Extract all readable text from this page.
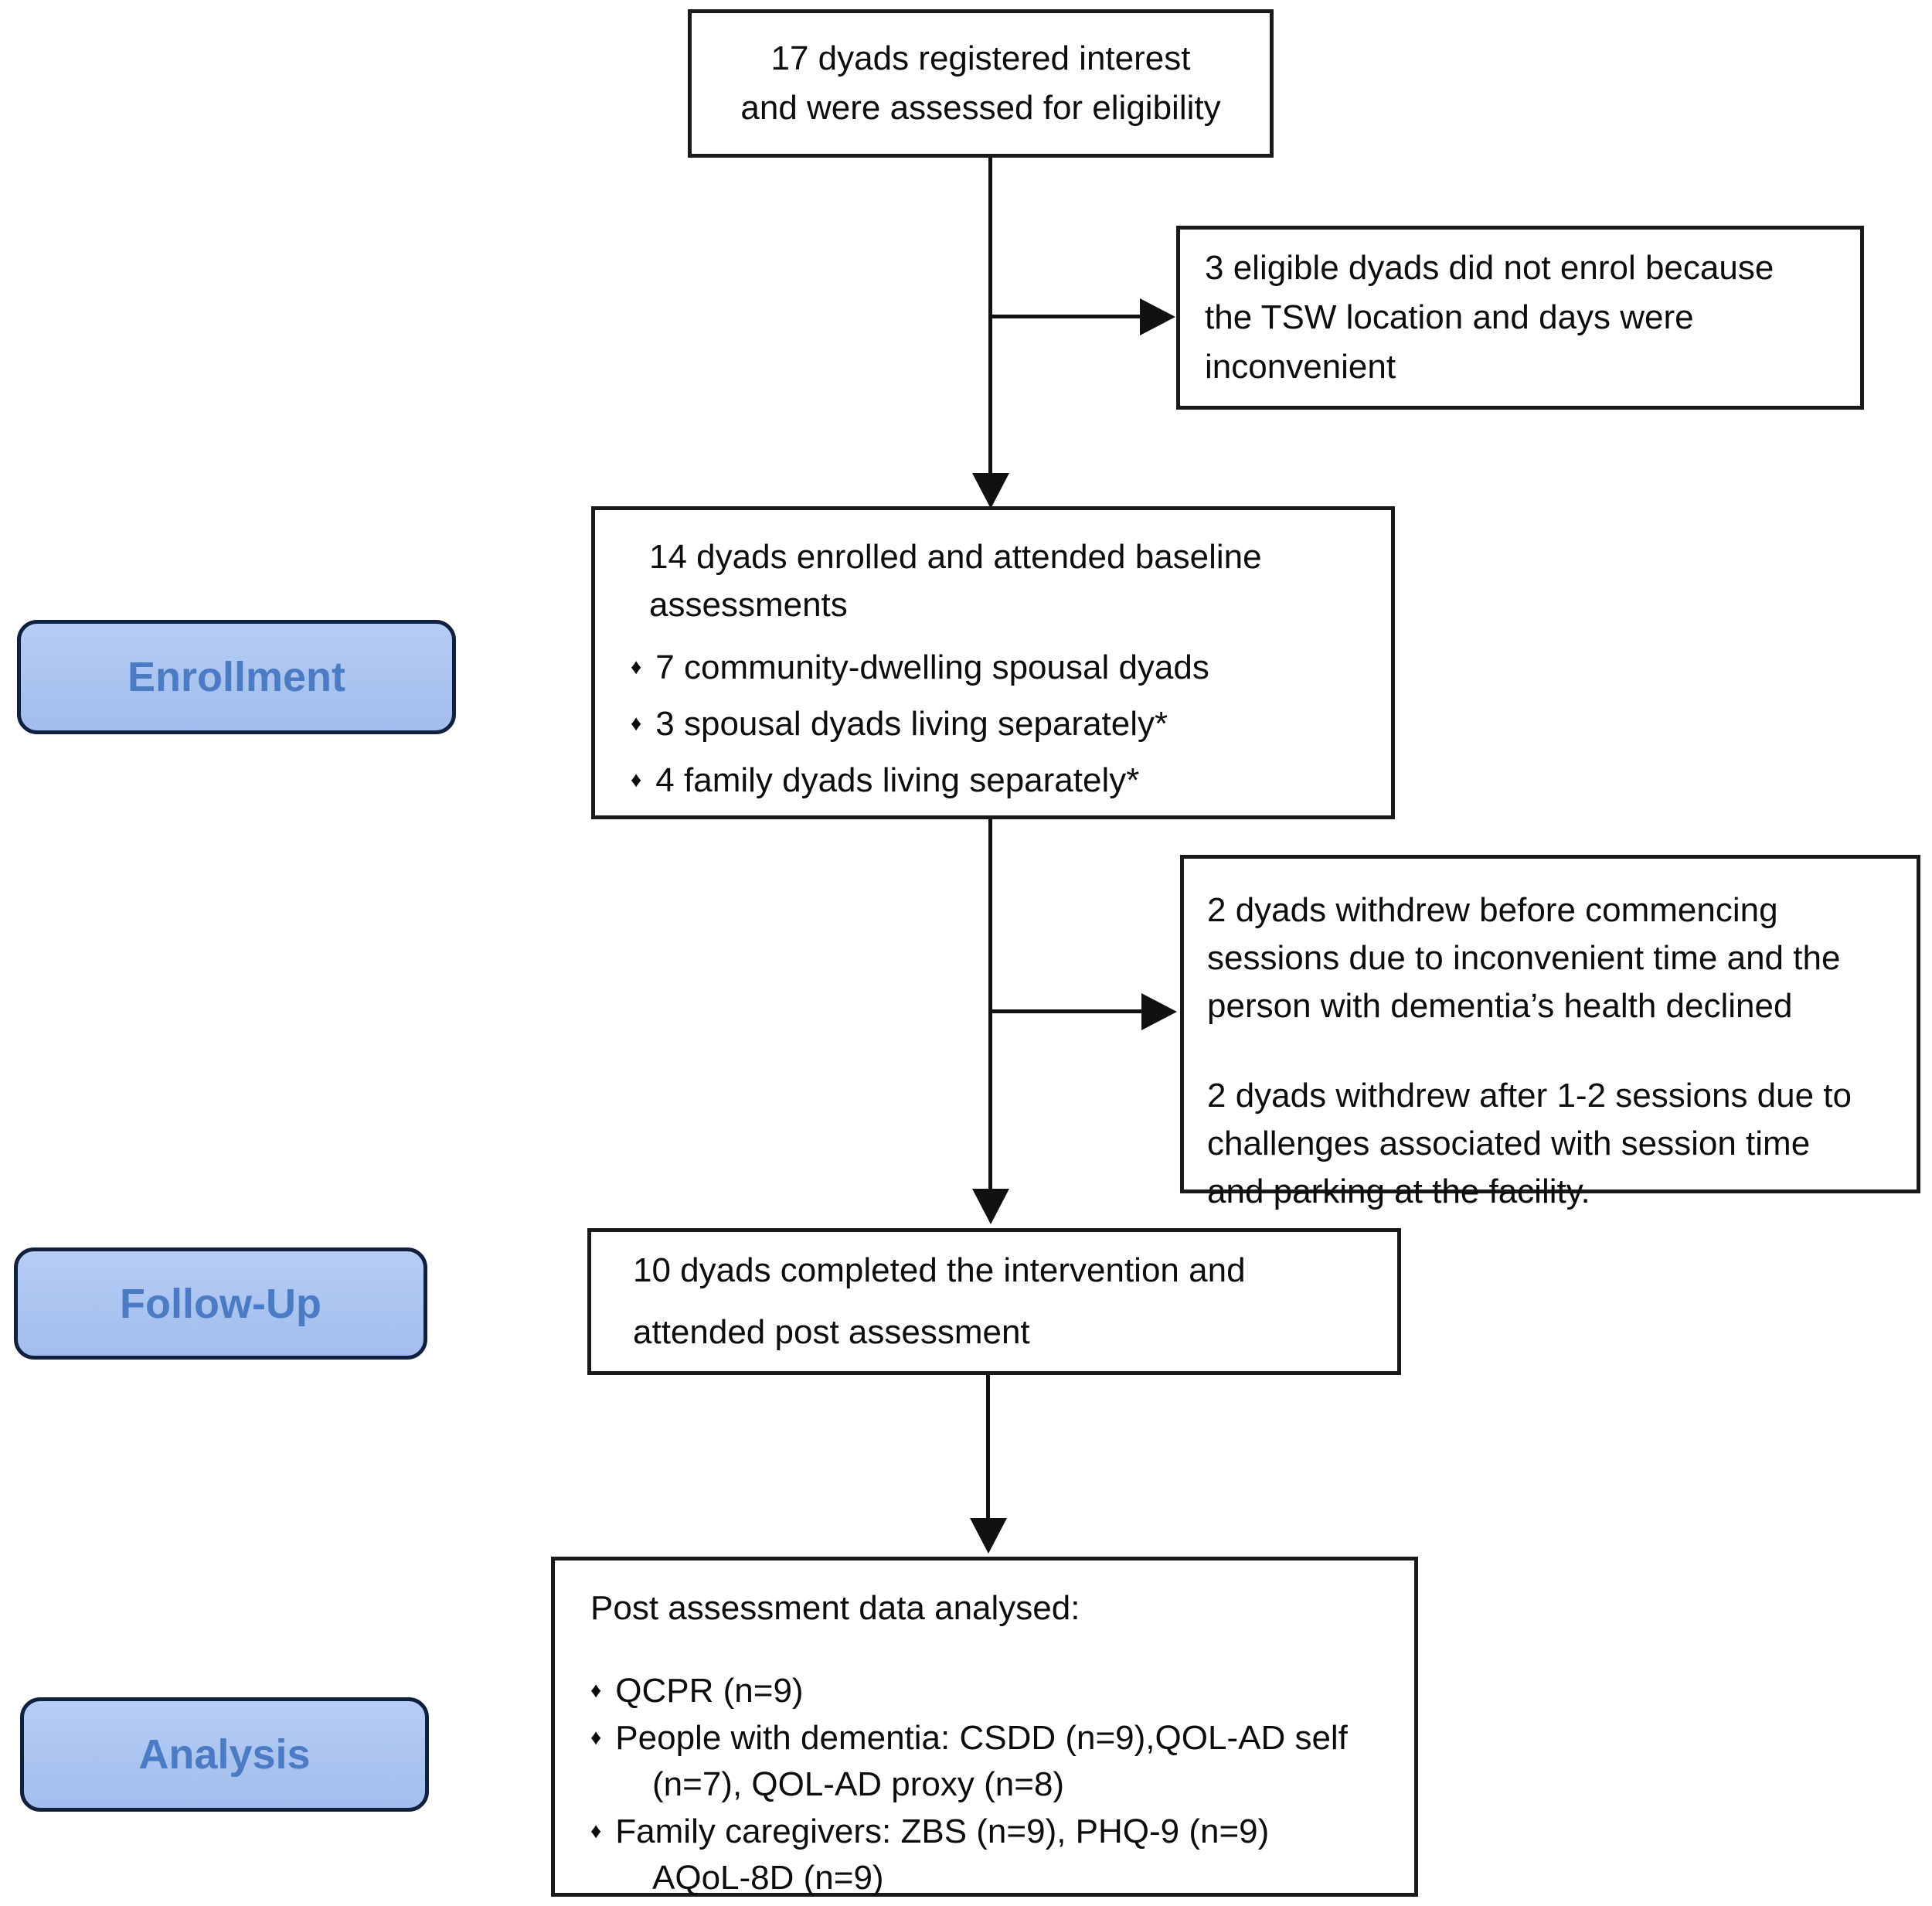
17 dyads registered interest
and were assessed for eligibility
3 eligible dyads did not enrol because
the TSW location and days were
inconvenient
Enrollment
14 dyads enrolled and attended baseline
assessments
♦ 7 community-dwelling spousal dyads
♦ 3 spousal dyads living separately*
♦ 4 family dyads living separately*
2 dyads withdrew before commencing
sessions due to inconvenient time and the
person with dementia’s health declined
2 dyads withdrew after 1-2 sessions due to
challenges associated with session time
and parking at the facility.
Follow-Up
10 dyads completed the intervention and
attended post assessment
Analysis
Post assessment data analysed:
♦ QCPR (n=9)
♦ People with dementia: CSDD (n=9),QOL-AD self
(n=7), QOL-AD proxy (n=8)
♦ Family caregivers: ZBS (n=9), PHQ-9 (n=9)
AQoL-8D (n=9)
